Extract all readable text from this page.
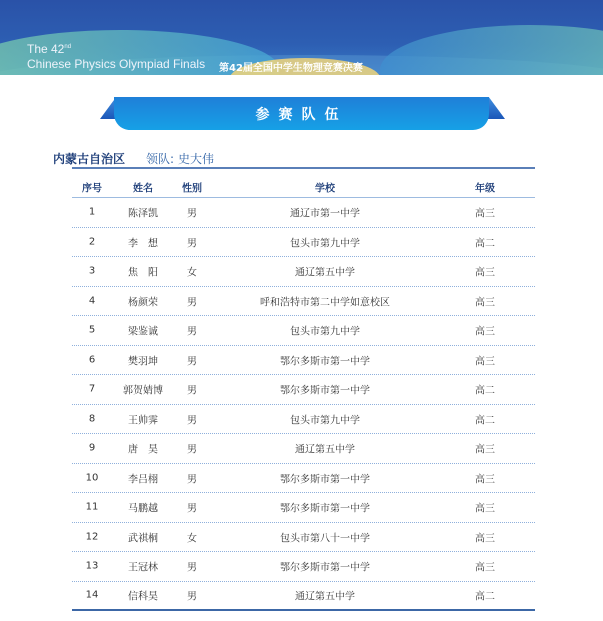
The 42nd
Chinese Physics Olympiad Finals 第42届全国中学生物理竞赛决赛
参赛队伍
内蒙古自治区 领队: 史大伟
序号	姓名	性别	学校	年级
1	陈泽凯	男	通辽市第一中学	高三
2	李　想	男	包头市第九中学	高二
3	焦　阳	女	通辽第五中学	高三
4	杨颜荣	男	呼和浩特市第二中学如意校区	高三
5	梁鉴诚	男	包头市第九中学	高三
6	樊羽坤	男	鄂尔多斯市第一中学	高三
7	郭贺婧博 男	鄂尔多斯市第一中学	高二
8	王帅霁	男	包头市第九中学	高二
9	唐　昊	男	通辽第五中学	高三
10	李吕栩	男	鄂尔多斯市第一中学	高三
11	马鹏越	男	鄂尔多斯市第一中学	高三
12	武祺桐	女	包头市第八十一中学	高三
13	王冠林	男	鄂尔多斯市第一中学	高三
14	信科昊	男	通辽第五中学	高二
